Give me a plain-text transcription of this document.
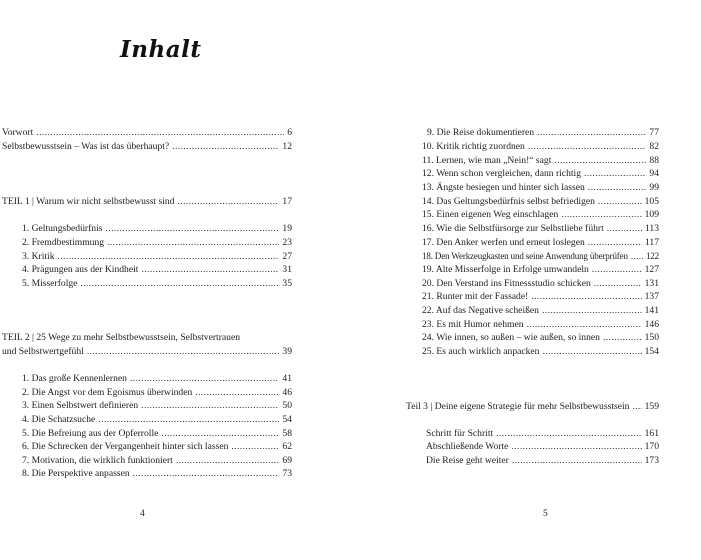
Inhalt
Vorwort .....	6
Selbstbewusstsein – Was ist das überhaupt? .....	12
TEIL 1 | Warum wir nicht selbstbewusst sind .....	17
1. Geltungsbedürfnis .....	19
2. Fremdbestimmung .....	23
3. Kritik .....	27
4. Prägungen aus der Kindheit .....	31
5. Misserfolge .....	35
TEIL 2 | 25 Wege zu mehr Selbstbewusstsein, Selbstvertrauen
und Selbstwertgefühl .....	39
1. Das große Kennenlernen .....	41
2. Die Angst vor dem Egoismus überwinden .....	46
3. Einen Selbstwert definieren .....	50
4. Die Schatzsuche .....	54
5. Die Befreiung aus der Opferrolle .....	58
6. Die Schrecken der Vergangenheit hinter sich lassen .....	62
7. Motivation, die wirklich funktioniert .....	69
8. Die Perspektive anpassen .....	73
4
9. Die Reise dokumentieren .....	77
10. Kritik richtig zuordnen .....	82
11. Lernen, wie man „Nein!“ sagt .....	88
12. Wenn schon vergleichen, dann richtig .....	94
13. Ängste besiegen und hinter sich lassen .....	99
14. Das Geltungsbedürfnis selbst befriedigen .....	105
15. Einen eigenen Weg einschlagen .....	109
16. Wie die Selbstfürsorge zur Selbstliebe führt .....	113
17. Den Anker werfen und erneut loslegen .....	117
18. Den Werkzeugkasten und seine Anwendung überprüfen ..... 122
19. Alte Misserfolge in Erfolge umwandeln .....	127
20. Den Verstand ins Fitnessstudio schicken .....	131
21. Runter mit der Fassade! .....	137
22. Auf das Negative scheißen .....	141
23. Es mit Humor nehmen .....	146
24. Wie innen, so außen – wie außen, so innen .....	150
25. Es auch wirklich anpacken .....	154
Teil 3 | Deine eigene Strategie für mehr Selbstbewusstsein ..... 159
Schritt für Schritt .....	161
Abschließende Worte .....	170
Die Reise geht weiter .....	173
5
